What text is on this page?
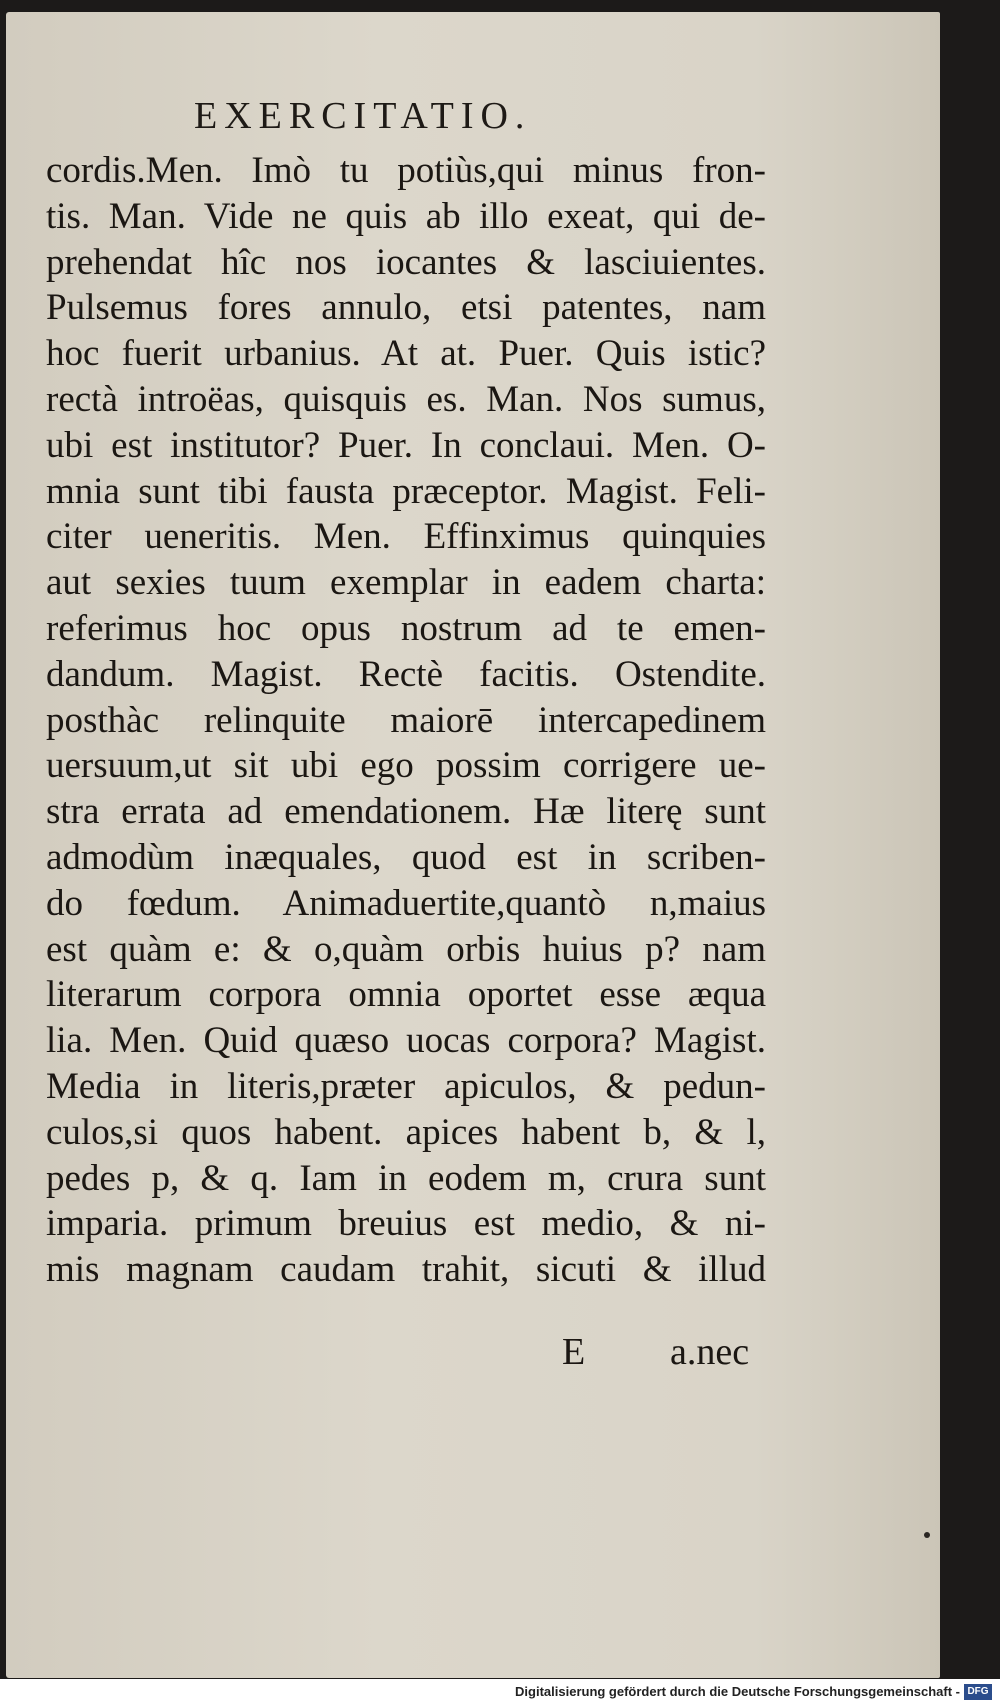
EXERCITATIO.
cordis.Men. Imò tu potiùs,qui minus fron-
tis. Man. Vide ne quis ab illo exeat, qui de-
prehendat hîc nos iocantes & lasciuientes.
Pulsemus fores annulo, etsi patentes, nam
hoc fuerit urbanius. At at. Puer. Quis istic?
rectà introëas, quisquis es. Man. Nos sumus,
ubi est institutor? Puer. In conclaui. Men. O-
mnia sunt tibi fausta præceptor. Magist. Feli-
citer ueneritis. Men. Effinximus quinquies
aut sexies tuum exemplar in eadem charta:
referimus hoc opus nostrum ad te emen-
dandum. Magist. Rectè facitis. Ostendite.
posthàc relinquite maiorē intercapedinem
uersuum,ut sit ubi ego possim corrigere ue-
stra errata ad emendationem. Hæ literę sunt
admodùm inæquales, quod est in scriben-
do fœdum. Animaduertite,quantò n,maius
est quàm e: & o,quàm orbis huius p? nam
literarum corpora omnia oportet esse æqua
lia. Men. Quid quæso uocas corpora? Magist.
Media in literis,præter apiculos, & pedun-
culos,si quos habent. apices habent b, & l,
pedes p, & q. Iam in eodem m, crura sunt
imparia. primum breuius est medio, & ni-
mis magnam caudam trahit, sicuti & illud
E a.nec
Digitalisierung gefördert durch die Deutsche Forschungsgemeinschaft - DFG
